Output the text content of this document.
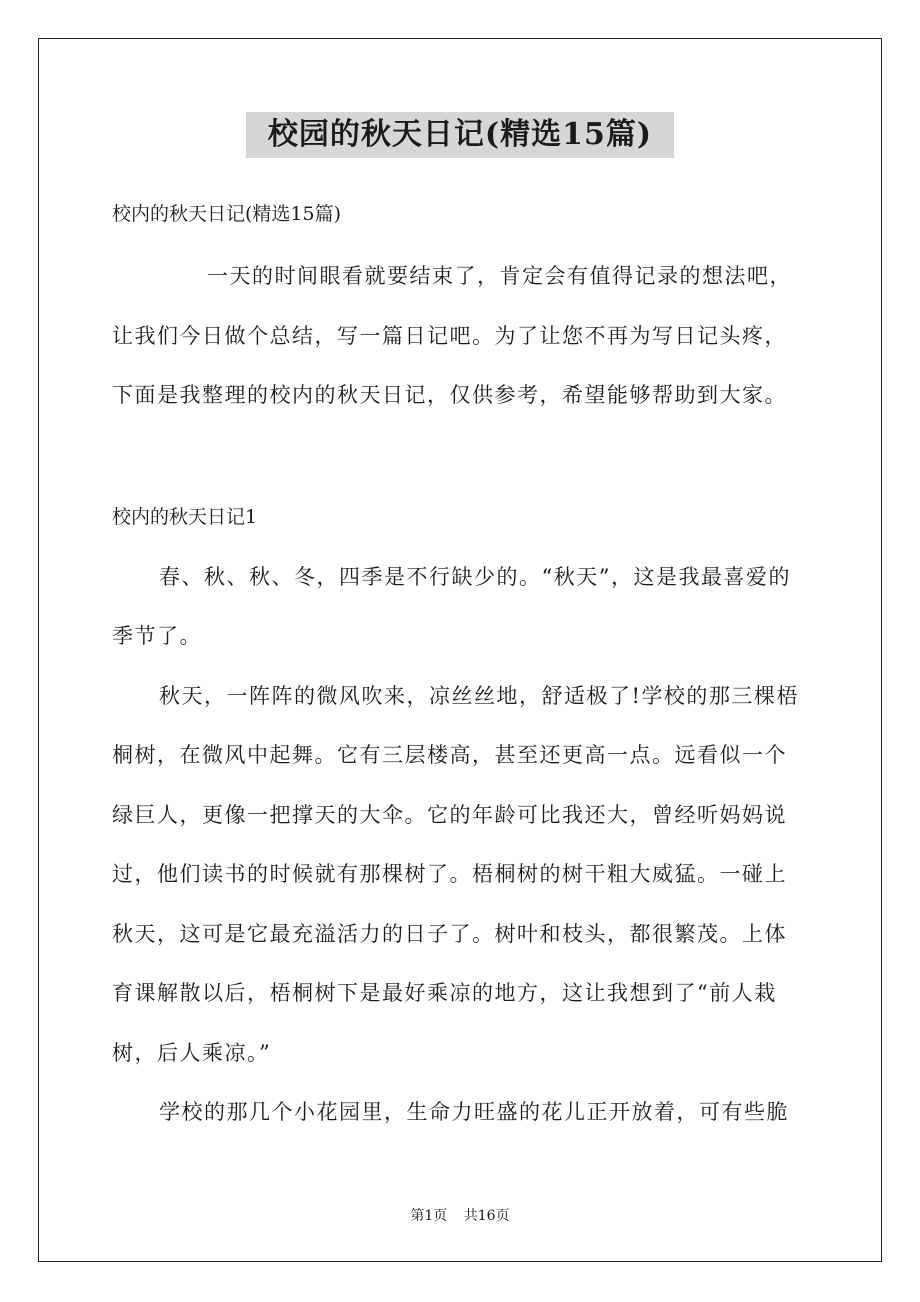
校园的秋天日记(精选15篇)
校内的秋天日记(精选15篇)
一天的时间眼看就要结束了，肯定会有值得记录的想法吧，
让我们今日做个总结，写一篇日记吧。为了让您不再为写日记头疼，
下面是我整理的校内的秋天日记，仅供参考，希望能够帮助到大家。
校内的秋天日记1
春、秋、秋、冬，四季是不行缺少的。“秋天”，这是我最喜爱的
季节了。
秋天，一阵阵的微风吹来，凉丝丝地，舒适极了!学校的那三棵梧
桐树，在微风中起舞。它有三层楼高，甚至还更高一点。远看似一个
绿巨人，更像一把撑天的大伞。它的年龄可比我还大，曾经听妈妈说
过，他们读书的时候就有那棵树了。梧桐树的树干粗大威猛。一碰上
秋天，这可是它最充溢活力的日子了。树叶和枝头，都很繁茂。上体
育课解散以后，梧桐树下是最好乘凉的地方，这让我想到了“前人栽
树，后人乘凉。”
学校的那几个小花园里，生命力旺盛的花儿正开放着，可有些脆
第1页 共16页
